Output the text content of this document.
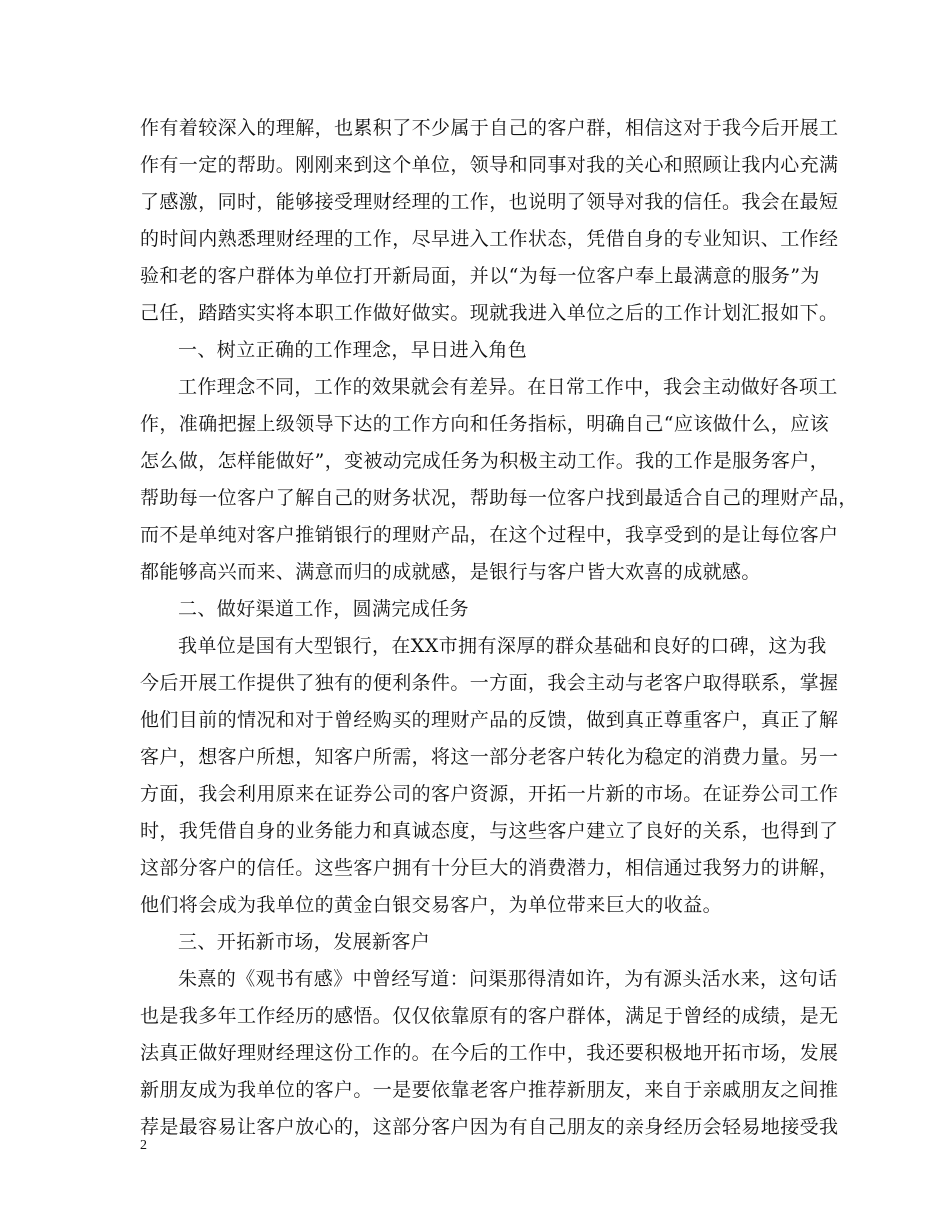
作有着较深入的理解，也累积了不少属于自己的客户群，相信这对于我今后开展工
作有一定的帮助。刚刚来到这个单位，领导和同事对我的关心和照顾让我内心充满
了感激，同时，能够接受理财经理的工作，也说明了领导对我的信任。我会在最短
的时间内熟悉理财经理的工作，尽早进入工作状态，凭借自身的专业知识、工作经
验和老的客户群体为单位打开新局面，并以“为每一位客户奉上最满意的服务”为
己任，踏踏实实将本职工作做好做实。现就我进入单位之后的工作计划汇报如下。
一、树立正确的工作理念，早日进入角色
工作理念不同，工作的效果就会有差异。在日常工作中，我会主动做好各项工
作，准确把握上级领导下达的工作方向和任务指标，明确自己“应该做什么，应该
怎么做，怎样能做好”，变被动完成任务为积极主动工作。我的工作是服务客户，
帮助每一位客户了解自己的财务状况，帮助每一位客户找到最适合自己的理财产品，
而不是单纯对客户推销银行的理财产品，在这个过程中，我享受到的是让每位客户
都能够高兴而来、满意而归的成就感，是银行与客户皆大欢喜的成就感。
二、做好渠道工作，圆满完成任务
我单位是国有大型银行，在XX市拥有深厚的群众基础和良好的口碑，这为我
今后开展工作提供了独有的便利条件。一方面，我会主动与老客户取得联系，掌握
他们目前的情况和对于曾经购买的理财产品的反馈，做到真正尊重客户，真正了解
客户，想客户所想，知客户所需，将这一部分老客户转化为稳定的消费力量。另一
方面，我会利用原来在证券公司的客户资源，开拓一片新的市场。在证券公司工作
时，我凭借自身的业务能力和真诚态度，与这些客户建立了良好的关系，也得到了
这部分客户的信任。这些客户拥有十分巨大的消费潜力，相信通过我努力的讲解，
他们将会成为我单位的黄金白银交易客户，为单位带来巨大的收益。
三、开拓新市场，发展新客户
朱熹的《观书有感》中曾经写道：问渠那得清如许，为有源头活水来，这句话
也是我多年工作经历的感悟。仅仅依靠原有的客户群体，满足于曾经的成绩，是无
法真正做好理财经理这份工作的。在今后的工作中，我还要积极地开拓市场，发展
新朋友成为我单位的客户。一是要依靠老客户推荐新朋友，来自于亲戚朋友之间推
荐是最容易让客户放心的，这部分客户因为有自己朋友的亲身经历会轻易地接受我
2
